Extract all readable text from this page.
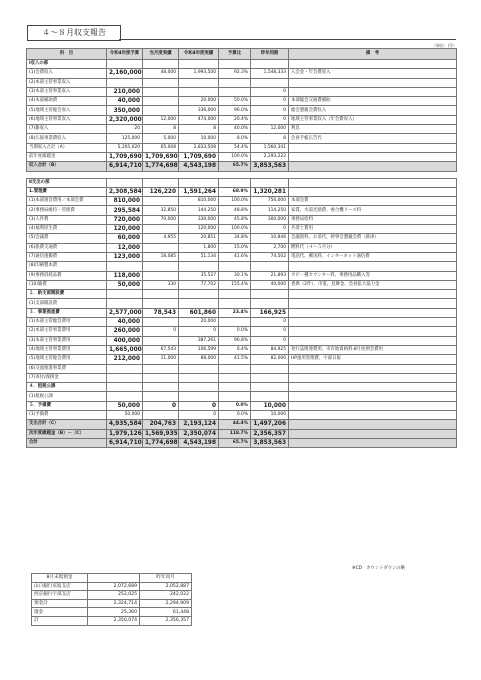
４～８月収支報告
（単位：円）
科　目	令和4年度予算	当月度実績	令和4年度実績	予算比	昨年同期	備　考
Ⅰ収入の部						
(1)会費収入	2,160,000	48,000	1,993,500	92.3%	1,548,333	入会金・年会費収入
(2)本部主管事業収入						
(3)本部主管事業収入	210,000				0	
(4)本部補助費	40,000		20,000	50.0%	0	本部総会交通費補助
(5)地域主管総会収入	350,000		336,000	96.0%	0	総会懇親会費収入
(6)地域主管事業収入	2,320,000	12,000	474,000	20.4%	0	地域主管事業収入（年会費収入）
(7)雑収入	20	8	8	40.0%	12,000	利息
(8)広報事業費収入	125,000	5,000	10,000	8.0%	8	会員手帳広告代
当期収入合計（A）	5,205,020	65,008	2,833,508	54.4%	1,560,341	
前年度繰越金	1,709,690	1,709,690	1,709,690	100.0%	2,293,222	
収入合計（B）	6,914,710	1,774,698	4,543,198	65.7%	3,853,563	

Ⅱ支出の部						
1.管理費	2,308,584	126,220	1,591,264	68.9%	1,320,281	
(1)本部運営費用／本部会費	810,000		810,000	100.0%	756,000	本部会費
(2)事務局維持・管理費	295,584	32,850	144,250	48.8%	114,250	家賃、水道光熱費、複合機リース料
(3)人件費	720,000	70,000	330,000	45.8%	300,000	事務局給料
(4)福利厚生費	120,000		120,000	100.0%	0	共済土費用
(5)会議費	60,000	4,955	20,851	34.8%	10,846	会議資料、お茶代、幹事会懇親会費（鉄津）
(6)旅費交通費	12,000		1,800	15.0%	2,700	燃料代（４～５月分）
(7)通信運搬費	123,000	18,085	51,134	41.6%	74,502	電話代、郵送料、インターネット通信費
(8)印刷製本費						
(9)事務消耗品費	118,000		35,527	30.1%	21,893	カビ一種カウンター料、事務用品購入等
(10)雑費	50,000	330	77,702	155.4%	40,000	香典（2件）、市電、見舞金、会員拡大協力金
２．新支部開設費						
(1)支部開設費						
３．事業推進費	2,577,000	78,543	601,860	23.4%	166,925	
(1)本部主管総会費用	40,000		20,000		0	
(2)本部主管事業費用	260,000	0	0	0.0%	0	
(3)本部主管事業費用	400,000		387,261	96.8%	0	
(4)地域主管事業費用	1,665,000	67,543	106,599	6.4%	84,925	発行誌関連費用、市有地資格料,8月度例会費用
(5)地域主管総会費用	212,000	11,000	88,000	41.5%	82,000	HP運用管理費、宇部日報
(6)交流推進事業費						
(7)寄付/義援金						
４．租税公課						
(1)租税公課						
５．予備費	50,000	0	0	0.0%	10,000	
(1)予備費	50,000		0	0.0%	10,000	
支出合計（C）	4,935,584	204,763	2,193,124	44.4%	1,497,206	
次年度繰越金（B）－（C）	1,979,126	1,569,935	2,350,074	118.7%	2,356,357	
合計	6,914,710	1,774,698	4,543,198	65.7%	3,853,563	
※CD　カウントダウンの略
8月末現預金		昨年同月
山口銀行床波支店	2,072,689	2,052,887
西京銀行宇部支店	252,025	242,022
預金計	2,324,714	2,294,909
現金	25,360	61,448
計	2,350,074	2,356,357
